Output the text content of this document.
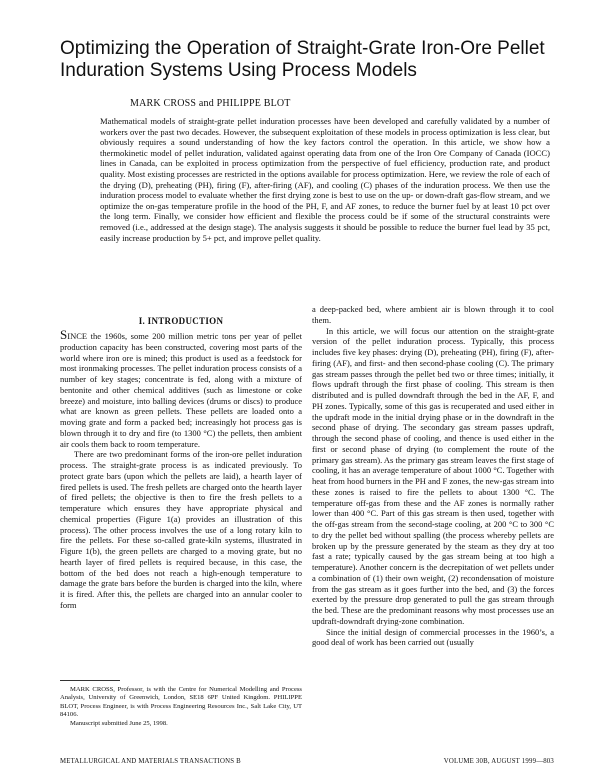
Optimizing the Operation of Straight-Grate Iron-Ore Pellet Induration Systems Using Process Models
MARK CROSS and PHILIPPE BLOT

Mathematical models of straight-grate pellet induration processes have been developed and carefully validated by a number of workers over the past two decades. However, the subsequent exploitation of these models in process optimization is less clear, but obviously requires a sound understanding of how the key factors control the operation. In this article, we show how a thermokinetic model of pellet induration, validated against operating data from one of the Iron Ore Company of Canada (IOCC) lines in Canada, can be exploited in process optimization from the perspective of fuel efficiency, production rate, and product quality. Most existing processes are restricted in the options available for process optimization. Here, we review the role of each of the drying (D), preheating (PH), firing (F), after-firing (AF), and cooling (C) phases of the induration process. We then use the induration process model to evaluate whether the first drying zone is best to use on the up- or down-draft gas-flow stream, and we optimize the on-gas temperature profile in the hood of the PH, F, and AF zones, to reduce the burner fuel by at least 10 pct over the long term. Finally, we consider how efficient and flexible the process could be if some of the structural constraints were removed (i.e., addressed at the design stage). The analysis suggests it should be possible to reduce the burner fuel lead by 35 pct, easily increase production by 5+ pct, and improve pellet quality.

I. INTRODUCTION

SINCE the 1960s, some 200 million metric tons per year of pellet production capacity has been constructed, covering most parts of the world where iron ore is mined; this product is used as a feedstock for most ironmaking processes. The pellet induration process consists of a number of key stages; concentrate is fed, along with a mixture of bentonite and other chemical additives (such as limestone or coke breeze) and moisture, into balling devices (drums or discs) to produce what are known as green pellets. These pellets are loaded onto a moving grate and form a packed bed; increasingly hot process gas is blown through it to dry and fire (to 1300 °C) the pellets, then ambient air cools them back to room temperature.

There are two predominant forms of the iron-ore pellet induration process. The straight-grate process is as indicated previously. To protect grate bars (upon which the pellets are laid), a hearth layer of fired pellets is used. The fresh pellets are charged onto the hearth layer of fired pellets; the objective is then to fire the fresh pellets to a temperature which ensures they have appropriate physical and chemical properties (Figure 1(a) provides an illustration of this process). The other process involves the use of a long rotary kiln to fire the pellets. For these so-called grate-kiln systems, illustrated in Figure 1(b), the green pellets are charged to a moving grate, but no hearth layer of fired pellets is required because, in this case, the bottom of the bed does not reach a high-enough temperature to damage the grate bars before the burden is charged into the kiln, where it is fired. After this, the pellets are charged into an annular cooler to form

a deep-packed bed, where ambient air is blown through it to cool them.

In this article, we will focus our attention on the straight-grate version of the pellet induration process. Typically, this process includes five key phases: drying (D), preheating (PH), firing (F), after-firing (AF), and first- and then second-phase cooling (C). The primary gas stream passes through the pellet bed two or three times; initially, it flows updraft through the first phase of cooling. This stream is then distributed and is pulled downdraft through the bed in the AF, F, and PH zones. Typically, some of this gas is recuperated and used either in the updraft mode in the initial drying phase or in the downdraft in the second phase of drying. The secondary gas stream passes updraft, through the second phase of cooling, and thence is used either in the first or second phase of drying (to complement the route of the primary gas stream). As the primary gas stream leaves the first stage of cooling, it has an average temperature of about 1000 °C. Together with heat from hood burners in the PH and F zones, the new-gas stream into these zones is raised to fire the pellets to about 1300 °C. The temperature off-gas from these and the AF zones is normally rather lower than 400 °C. Part of this gas stream is then used, together with the off-gas stream from the second-stage cooling, at 200 °C to 300 °C to dry the pellet bed without spalling (the process whereby pellets are broken up by the pressure generated by the steam as they dry at too fast a rate; typically caused by the gas stream being at too high a temperature). Another concern is the decrepitation of wet pellets under a combination of (1) their own weight, (2) recondensation of moisture from the gas stream as it goes further into the bed, and (3) the forces exerted by the pressure drop generated to pull the gas stream through the bed. These are the predominant reasons why most processes use an updraft-downdraft drying-zone combination.

Since the initial design of commercial processes in the 1960’s, a good deal of work has been carried out (usually

MARK CROSS, Professor, is with the Centre for Numerical Modelling and Process Analysis, University of Greenwich, London, SE18 6PF United Kingdom. PHILIPPE BLOT, Process Engineer, is with Process Engineering Resources Inc., Salt Lake City, UT 84106.
Manuscript submitted June 25, 1998.
METALLURGICAL AND MATERIALS TRANSACTIONS B	VOLUME 30B, AUGUST 1999—803
